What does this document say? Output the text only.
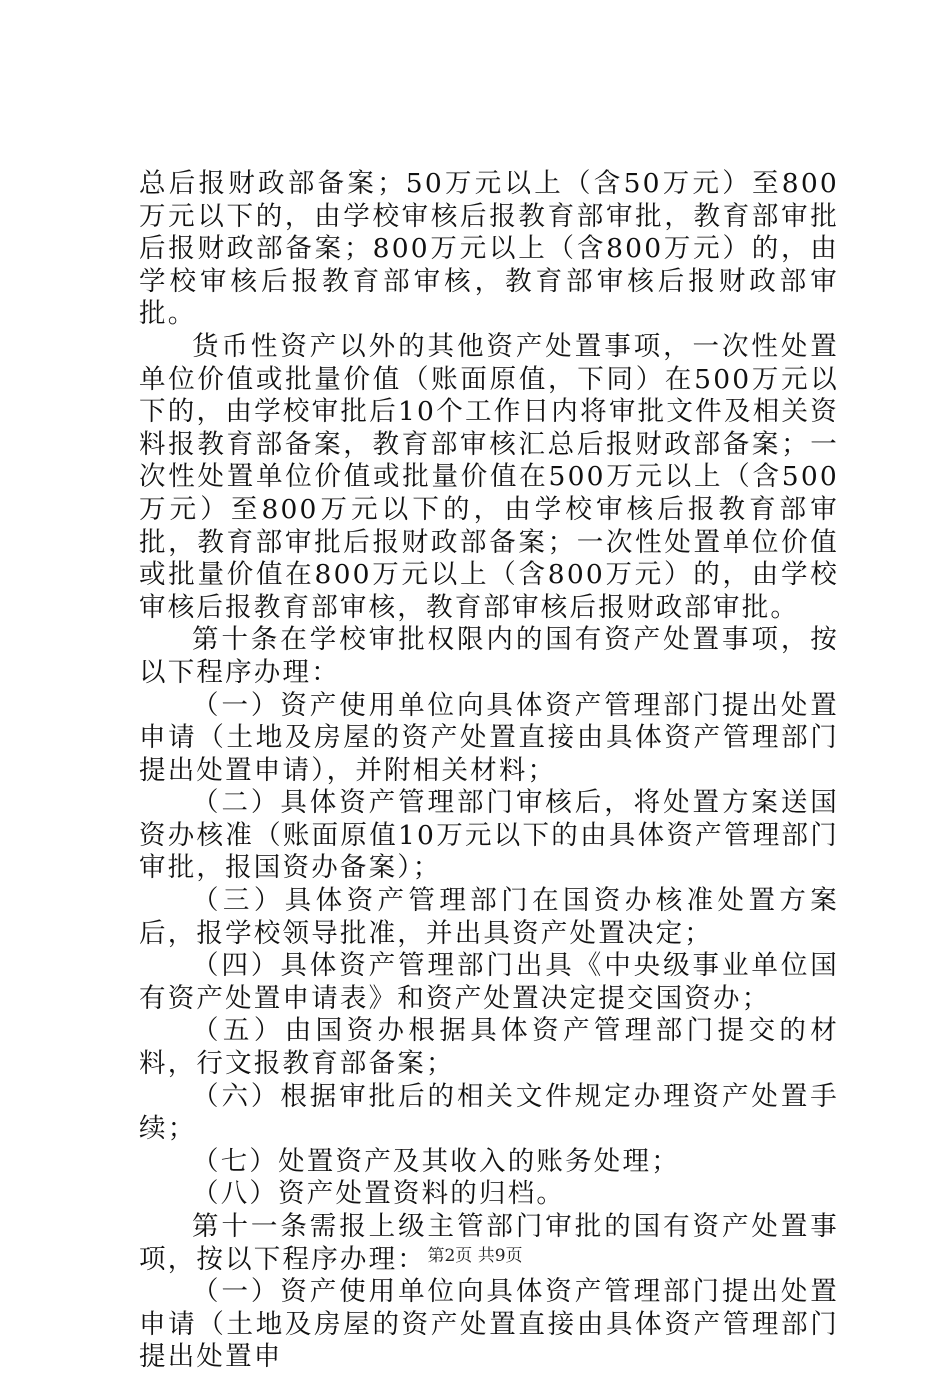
总后报财政部备案；50万元以上（含50万元）至800万元以下的，由学校审核后报教育部审批，教育部审批后报财政部备案；800万元以上（含800万元）的，由学校审核后报教育部审核，教育部审核后报财政部审批。

货币性资产以外的其他资产处置事项，一次性处置单位价值或批量价值（账面原值，下同）在500万元以下的，由学校审批后10个工作日内将审批文件及相关资料报教育部备案，教育部审核汇总后报财政部备案；一次性处置单位价值或批量价值在500万元以上（含500万元）至800万元以下的，由学校审核后报教育部审批，教育部审批后报财政部备案；一次性处置单位价值或批量价值在800万元以上（含800万元）的，由学校审核后报教育部审核，教育部审核后报财政部审批。

第十条在学校审批权限内的国有资产处置事项，按以下程序办理：

（一）资产使用单位向具体资产管理部门提出处置申请（土地及房屋的资产处置直接由具体资产管理部门提出处置申请），并附相关材料；

（二）具体资产管理部门审核后，将处置方案送国资办核准（账面原值10万元以下的由具体资产管理部门审批，报国资办备案）；

（三）具体资产管理部门在国资办核准处置方案后，报学校领导批准，并出具资产处置决定；

（四）具体资产管理部门出具《中央级事业单位国有资产处置申请表》和资产处置决定提交国资办；

（五）由国资办根据具体资产管理部门提交的材料，行文报教育部备案；

（六）根据审批后的相关文件规定办理资产处置手续；

（七）处置资产及其收入的账务处理；

（八）资产处置资料的归档。

第十一条需报上级主管部门审批的国有资产处置事项，按以下程序办理：

（一）资产使用单位向具体资产管理部门提出处置申请（土地及房屋的资产处置直接由具体资产管理部门提出处置申

第2页 共9页
